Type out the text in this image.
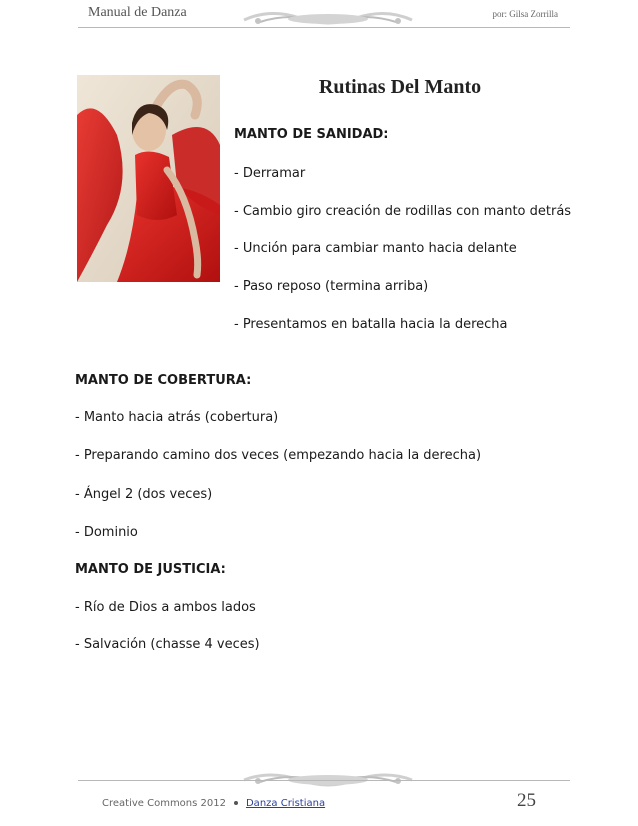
Manual de Danza	por: Gilsa Zorrilla
Rutinas Del Manto
MANTO DE SANIDAD:
- Derramar
- Cambio giro creación de rodillas con manto detrás
- Unción para cambiar manto hacia delante
- Paso reposo (termina arriba)
- Presentamos en batalla hacia la derecha
MANTO DE COBERTURA:
- Manto hacia atrás (cobertura)
- Preparando camino dos veces (empezando hacia la derecha)
- Ángel 2 (dos veces)
- Dominio
MANTO DE JUSTICIA:
- Río de Dios a ambos lados
- Salvación (chasse 4 veces)
Creative Commons 2012 Danza Cristiana	25
